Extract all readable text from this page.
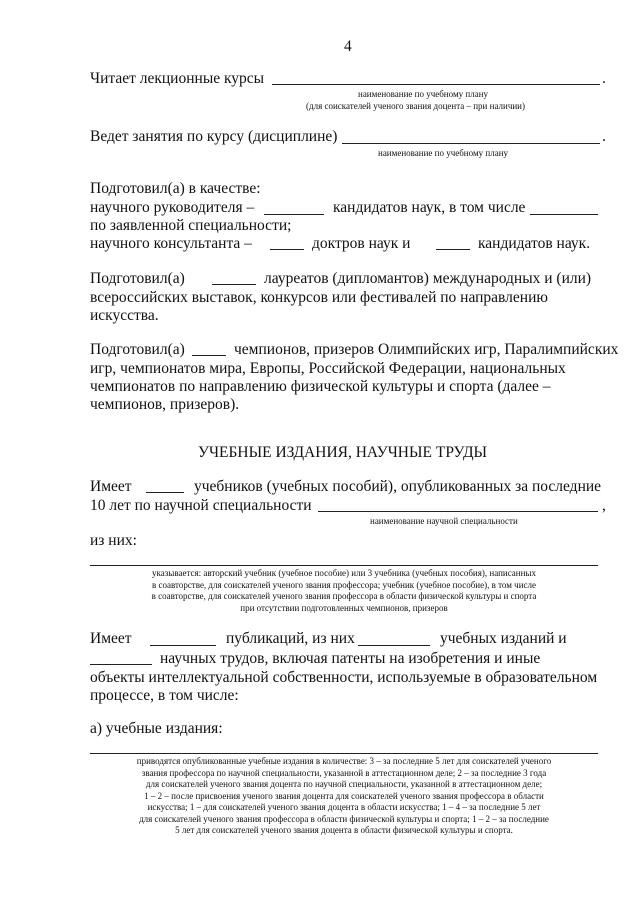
4
Читает лекционные курсы	.
наименование по учебному плану
(для соискателей ученого звания доцента – при наличии)
Ведет занятия по курсу (дисциплине)	.
наименование по учебному плану
Подготовил(а) в качестве:
научного руководителя –	кандидатов наук, в том числе
по заявленной специальности;
научного консультанта –	доктров наук и	кандидатов наук.
Подготовил(а)	лауреатов (дипломантов) международных и (или)
всероссийских выставок, конкурсов или фестивалей по направлению
искусства.
Подготовил(а)	чемпионов, призеров Олимпийских игр, Паралимпийских
игр, чемпионатов мира, Европы, Российской Федерации, национальных
чемпионатов по направлению физической культуры и спорта (далее –
чемпионов, призеров).
УЧЕБНЫЕ ИЗДАНИЯ, НАУЧНЫЕ ТРУДЫ
Имеет	учебников (учебных пособий), опубликованных за последние
10 лет по научной специальности	,
наименование научной специальности
из них:
указывается: авторский учебник (учебное пособие) или 3 учебника (учебных пособия), написанных
в соавторстве, для соискателей ученого звания профессора; учебник (учебное пособие), в том числе
в соавторстве, для соискателей ученого звания профессора в области физической культуры и спорта
при отсутствии подготовленных чемпионов, призеров
Имеет	публикаций, из них	учебных изданий и
научных трудов, включая патенты на изобретения и иные
объекты интеллектуальной собственности, используемые в образовательном
процессе, в том числе:
а) учебные издания:
приводятся опубликованные учебные издания в количестве: 3 – за последние 5 лет для соискателей ученого
звания профессора по научной специальности, указанной в аттестационном деле; 2 – за последние 3 года
для соискателей ученого звания доцента по научной специальности, указанной в аттестационном деле;
1 – 2 – после присвоения ученого звания доцента для соискателей ученого звания профессора в области
искусства; 1 – для соискателей ученого звания доцента в области искусства; 1 – 4 – за последние 5 лет
для соискателей ученого звания профессора в области физической культуры и спорта; 1 – 2 – за последние
5 лет для соискателей ученого звания доцента в области физической культуры и спорта.
